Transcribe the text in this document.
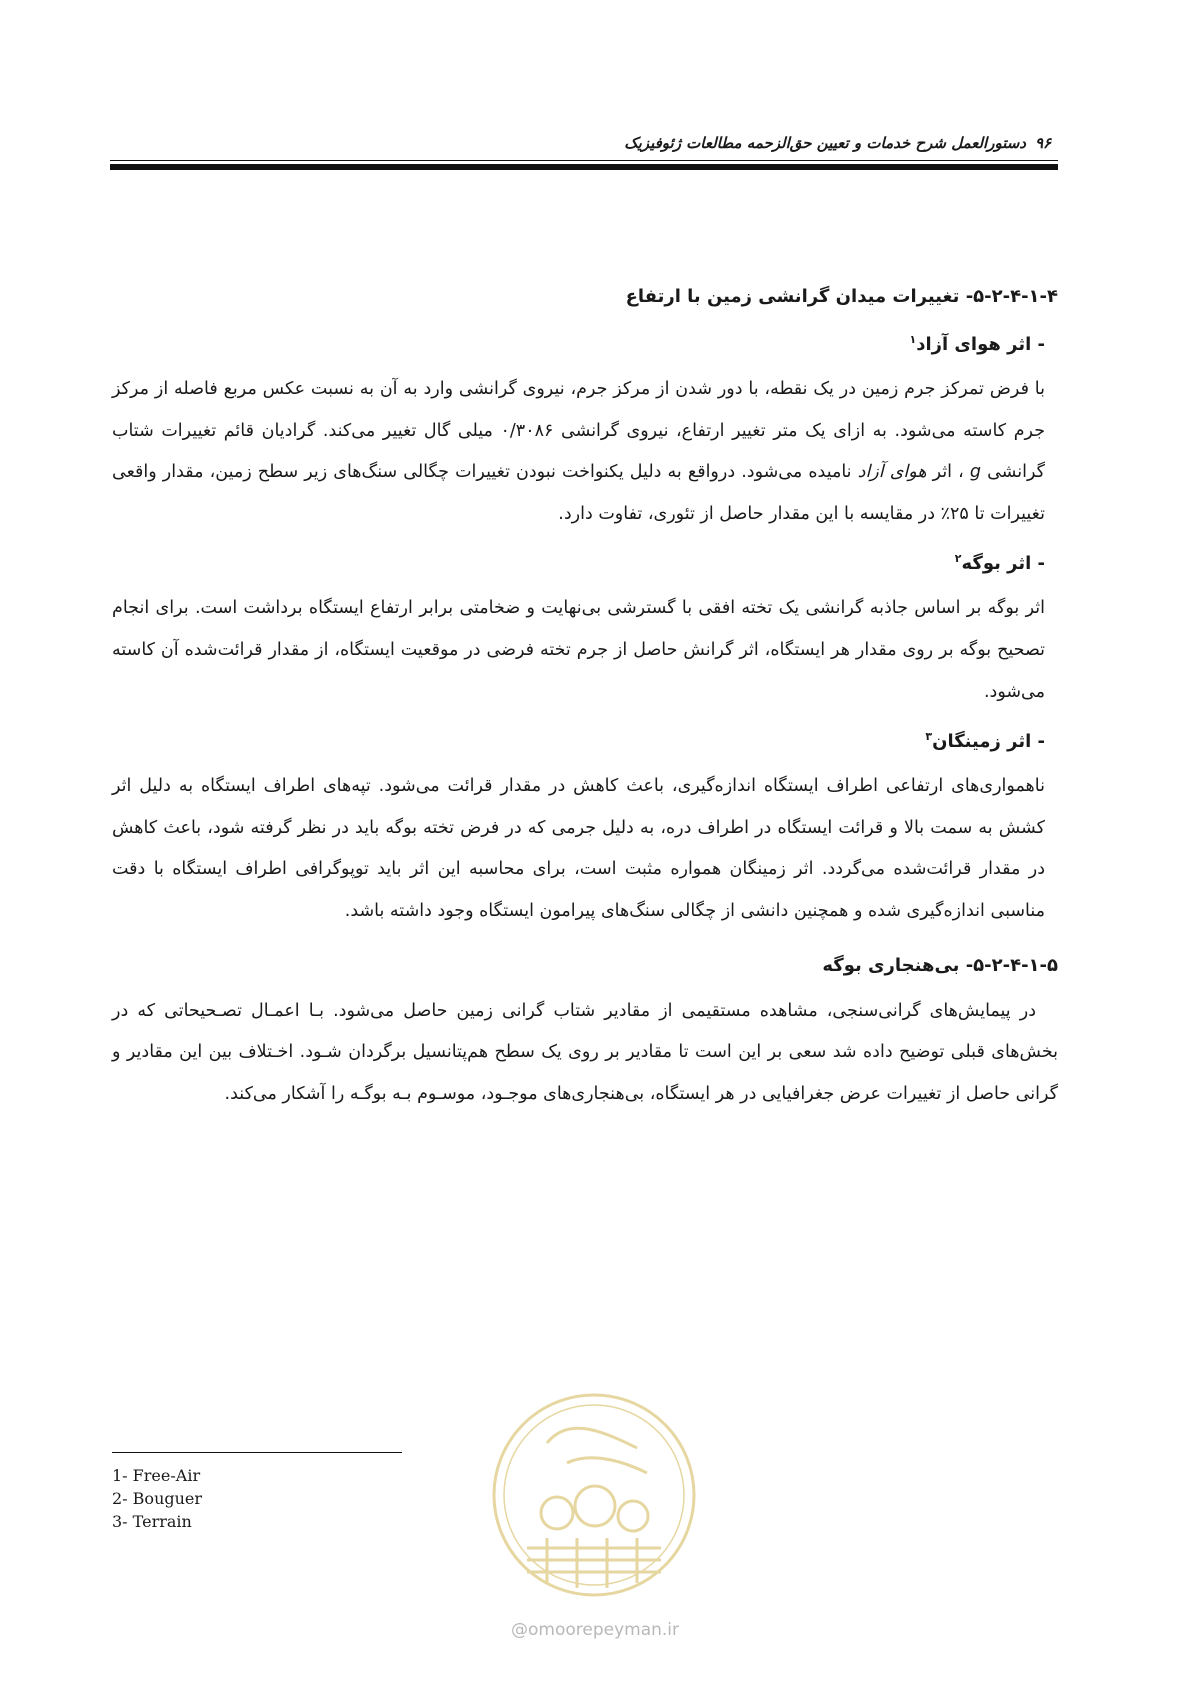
دستورالعمل شرح خدمات و تعیین حق‌الزحمه مطالعات ژئوفیزیک ۹۶
۵-۲-۴-۱-۴- تغییرات میدان گرانشی زمین با ارتفاع
- اثر هوای آزاد$^۱$

با فرض تمرکز جرم زمین در یک نقطه، با دور شدن از مرکز جرم، نیروی گرانشی وارد به آن به نسبت عکس مربع فاصله از مرکز جرم کاسته می‌شود. به ازای یک متر تغییر ارتفاع، نیروی گرانشی ۰/۳۰۸۶ میلی گال تغییر می‌کند. گرادیان قائم تغییرات شتاب گرانشی g ، اثر هوای آزاد نامیده می‌شود. درواقع به دلیل یکنواخت نبودن تغییرات چگالی سنگ‌های زیر سطح زمین، مقدار واقعی تغییرات تا ۲۵٪ در مقایسه با این مقدار حاصل از تئوری، تفاوت دارد.

- اثر بوگه$^۲$

اثر بوگه بر اساس جاذبه گرانشی یک تخته افقی با گسترشی بی‌نهایت و ضخامتی برابر ارتفاع ایستگاه برداشت است. برای انجام تصحیح بوگه بر روی مقدار هر ایستگاه، اثر گرانش حاصل از جرم تخته فرضی در موقعیت ایستگاه، از مقدار قرائت‌شده آن کاسته می‌شود.

- اثر زمینگان$^۳$

ناهمواری‌های ارتفاعی اطراف ایستگاه اندازه‌گیری، باعث کاهش در مقدار قرائت می‌شود. تپه‌های اطراف ایستگاه به دلیل اثر کشش به سمت بالا و قرائت ایستگاه در اطراف دره، به دلیل جرمی که در فرض تخته بوگه باید در نظر گرفته شود، باعث کاهش در مقدار قرائت‌شده می‌گردد. اثر زمینگان همواره مثبت است، برای محاسبه این اثر باید توپوگرافی اطراف ایستگاه با دقت مناسبی اندازه‌گیری شده و همچنین دانشی از چگالی سنگ‌های پیرامون ایستگاه وجود داشته باشد.

۵-۲-۴-۱-۵- بی‌هنجاری بوگه

در پیمایش‌های گرانی‌سنجی، مشاهده مستقیمی از مقادیر شتاب گرانی زمین حاصل می‌شود. بـا اعمـال تصـحیحاتی که در بخش‌های قبلی توضیح داده شد سعی بر این است تا مقادیر بر روی یک سطح هم‌پتانسیل برگردان شـود. اخـتلاف بین این مقادیر و گرانی حاصل از تغییرات عرض جغرافیایی در هر ایستگاه، بی‌هنجاری‌های موجـود، موسـوم بـه بوگـه را آشکار می‌کند.

1- Free-Air
2- Bouguer
3- Terrain
@omoorepeyman.ir
